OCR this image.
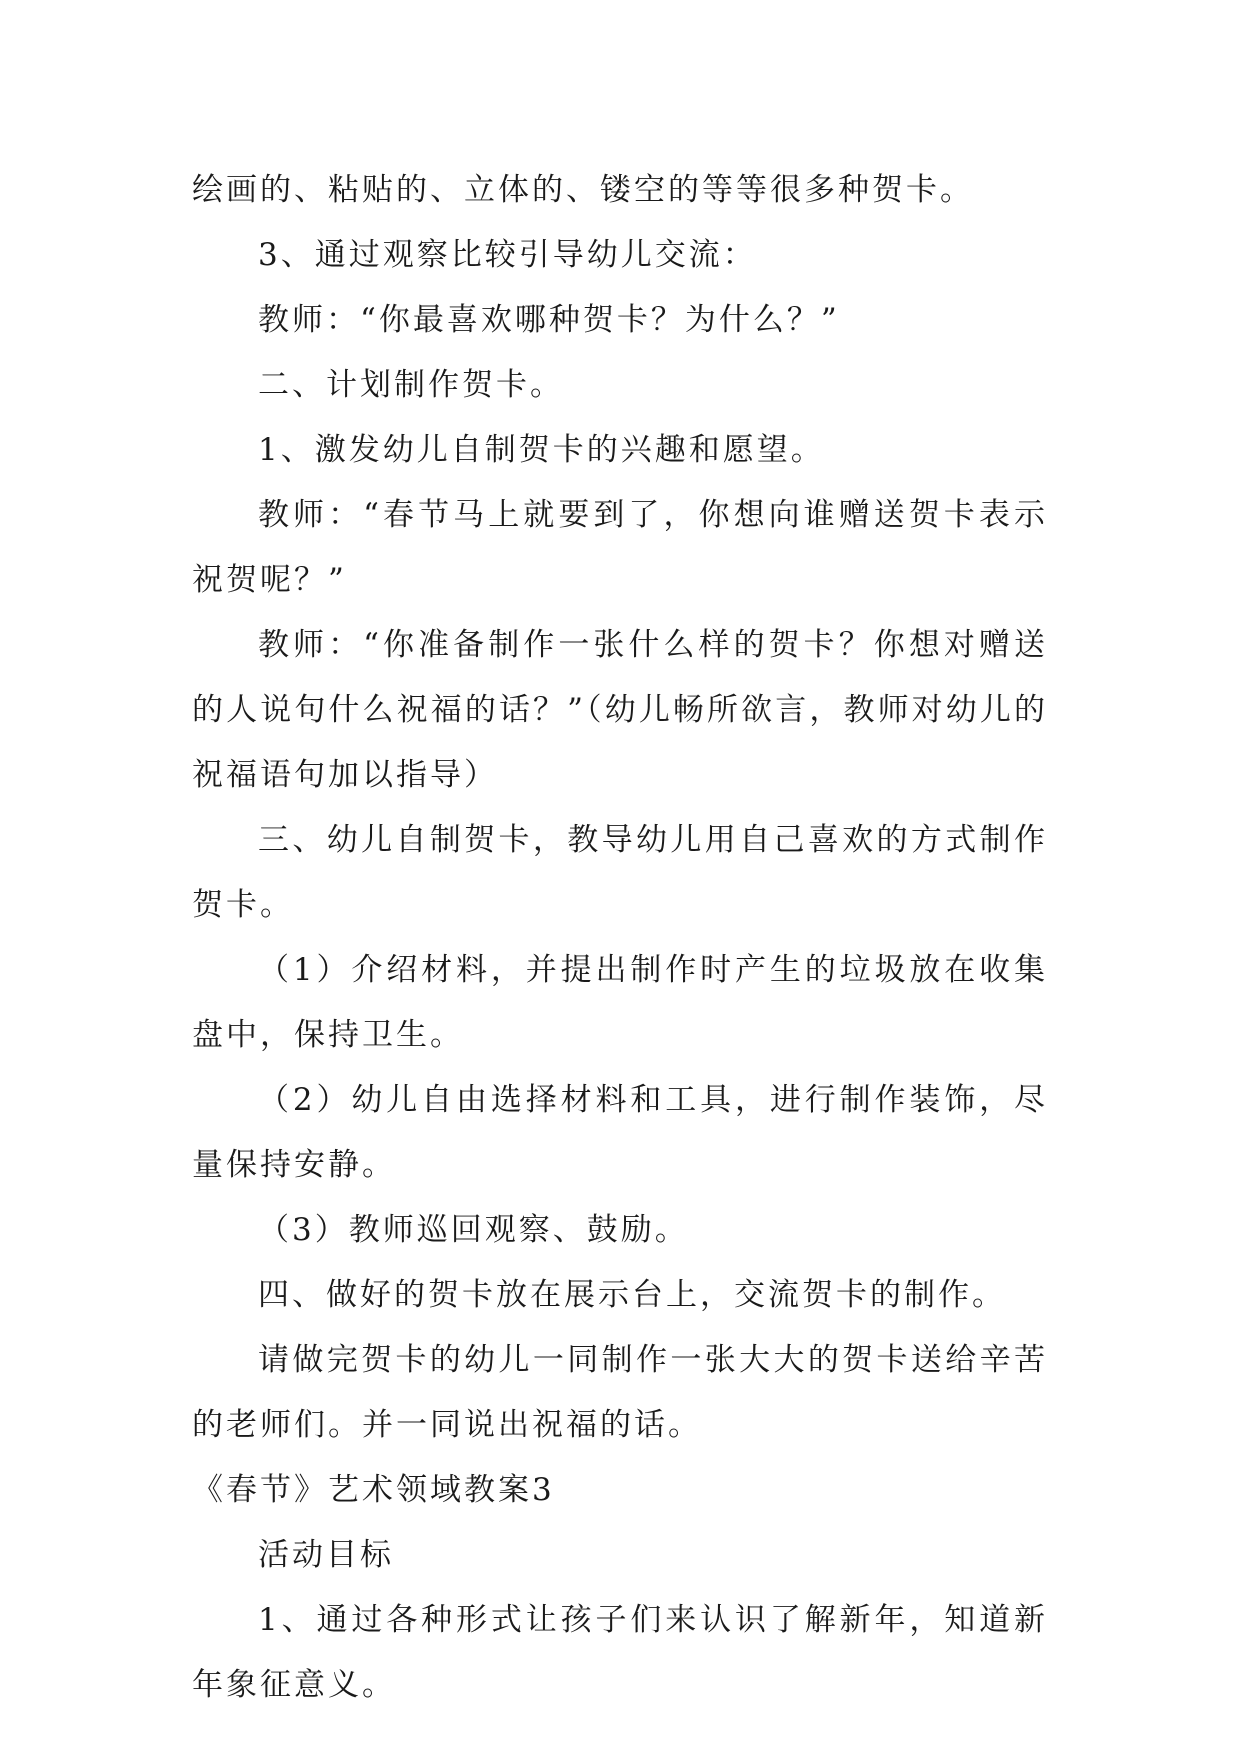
绘画的、粘贴的、立体的、镂空的等等很多种贺卡。

3、通过观察比较引导幼儿交流：

教师：“你最喜欢哪种贺卡？为什么？”

二、计划制作贺卡。

1、激发幼儿自制贺卡的兴趣和愿望。

教师：“春节马上就要到了，你想向谁赠送贺卡表示祝贺呢？”

教师：“你准备制作一张什么样的贺卡？你想对赠送的人说句什么祝福的话？”（幼儿畅所欲言，教师对幼儿的祝福语句加以指导）

三、幼儿自制贺卡，教导幼儿用自己喜欢的方式制作贺卡。

（1）介绍材料，并提出制作时产生的垃圾放在收集盘中，保持卫生。

（2）幼儿自由选择材料和工具，进行制作装饰，尽量保持安静。

（3）教师巡回观察、鼓励。

四、做好的贺卡放在展示台上，交流贺卡的制作。

请做完贺卡的幼儿一同制作一张大大的贺卡送给辛苦的老师们。并一同说出祝福的话。

《春节》艺术领域教案3

活动目标

1、通过各种形式让孩子们来认识了解新年，知道新年象征意义。
